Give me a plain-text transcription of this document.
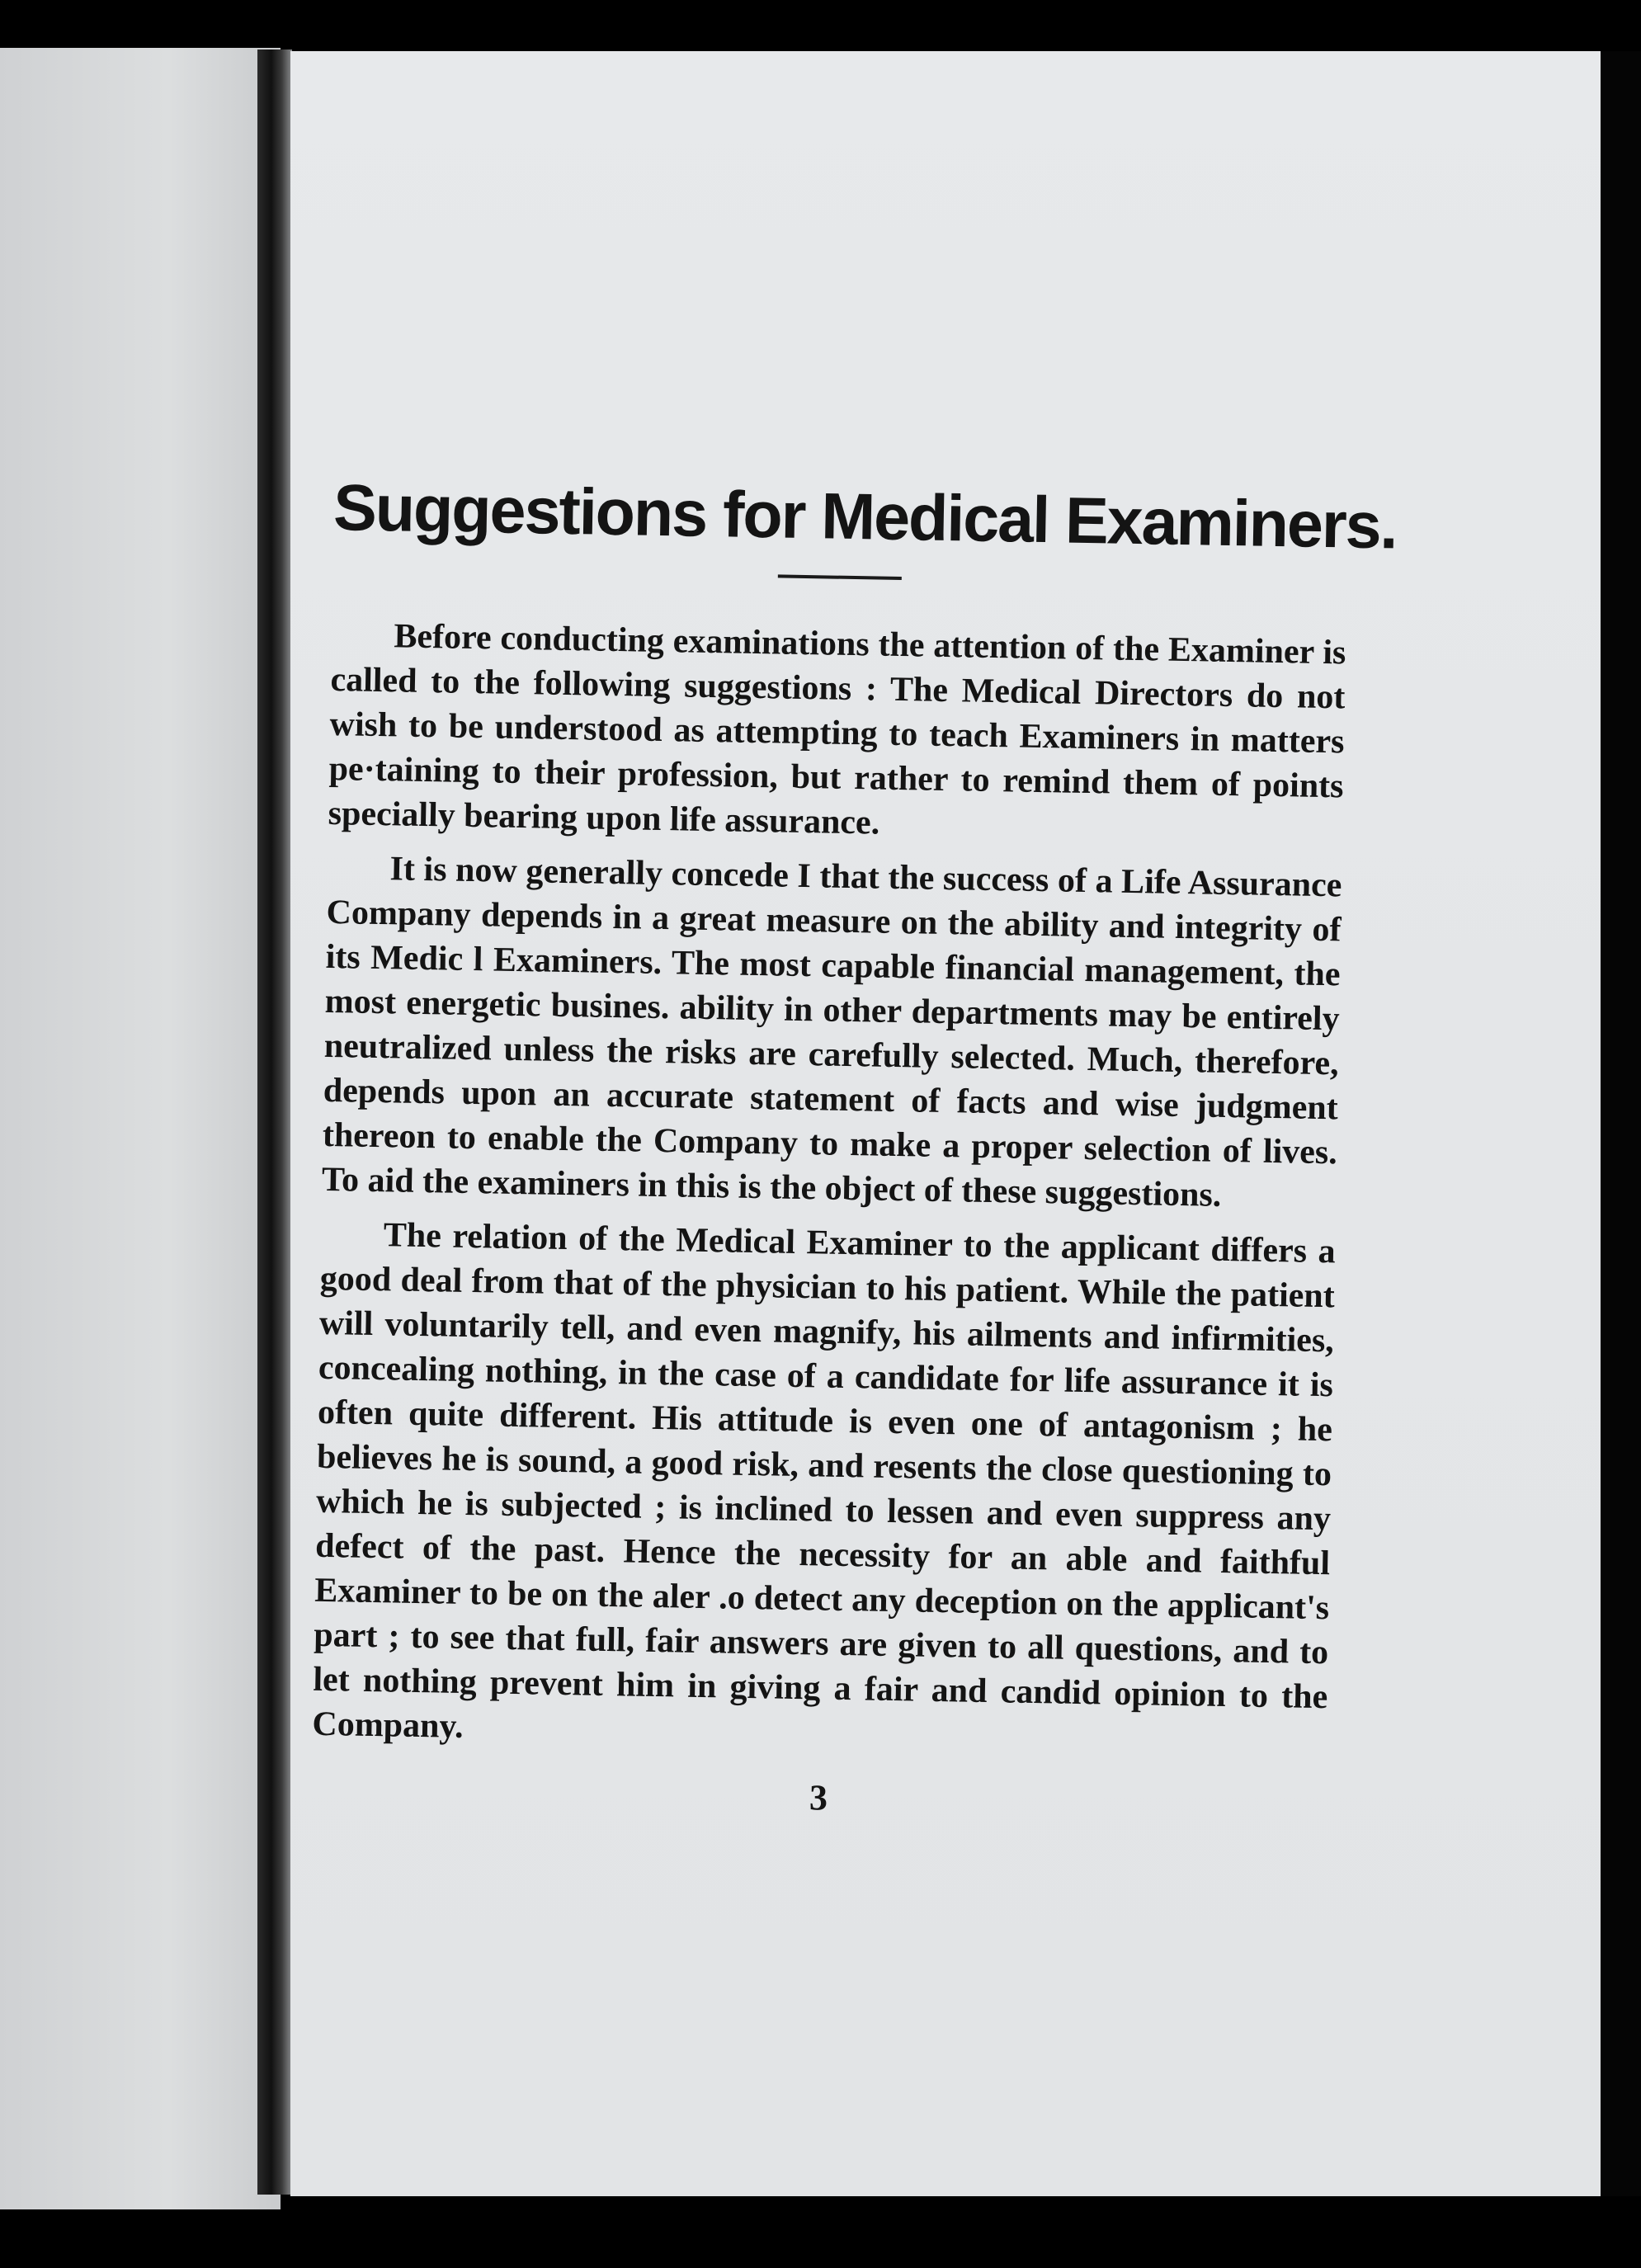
Suggestions for Medical Examiners.

Before conducting examinations the attention of the Examiner is called to the following suggestions : The Medical Directors do not wish to be understood as attempting to teach Examiners in matters pe·taining to their profession, but rather to remind them of points specially bearing upon life assurance.

It is now generally concede I that the success of a Life Assurance Company depends in a great measure on the ability and integrity of its Medic l Examiners. The most capable financial management, the most energetic busines. ability in other departments may be entirely neutralized unless the risks are carefully selected. Much, therefore, depends upon an accurate statement of facts and wise judgment thereon to enable the Company to make a proper selection of lives. To aid the examiners in this is the object of these suggestions.

The relation of the Medical Examiner to the applicant differs a good deal from that of the physician to his patient. While the patient will voluntarily tell, and even magnify, his ailments and infirmities, concealing nothing, in the case of a candidate for life assurance it is often quite different. His attitude is even one of antagonism ; he believes he is sound, a good risk, and resents the close questioning to which he is subjected ; is inclined to lessen and even suppress any defect of the past. Hence the necessity for an able and faithful Examiner to be on the aler .o detect any deception on the applicant's part ; to see that full, fair answers are given to all questions, and to let nothing prevent him in giving a fair and candid opinion to the Company.

3
